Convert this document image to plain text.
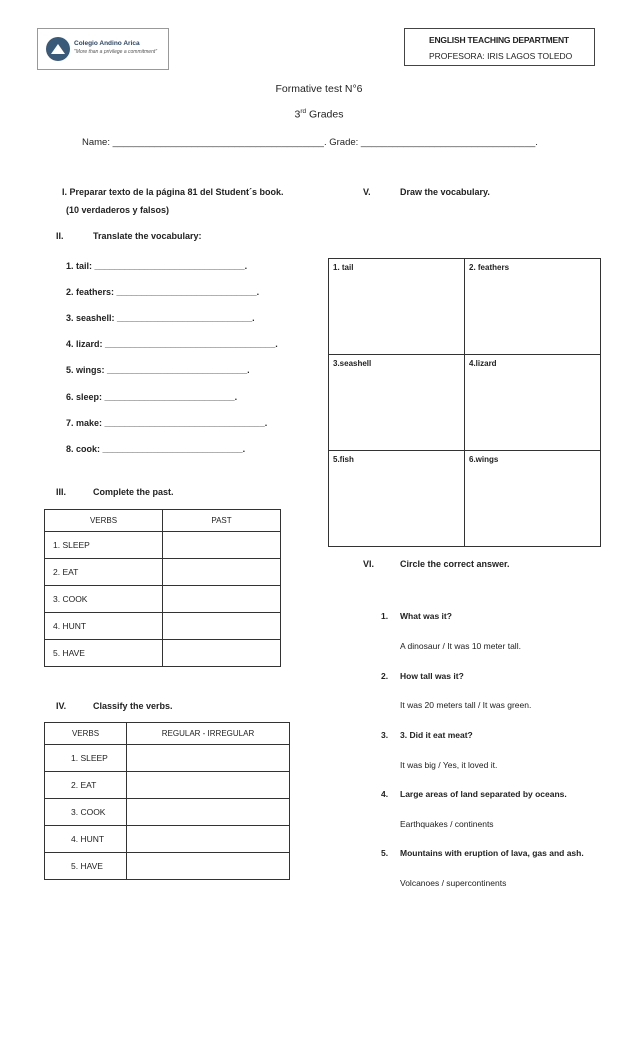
Colegio Andino Arica
"More than a privilege a commitment"
ENGLISH TEACHING DEPARTMENT
PROFESORA: IRIS LAGOS TOLEDO
Formative test N°6
3rd Grades
Name: ________________________________________. Grade: _________________________________.
I. Preparar texto de la página 81 del Student´s book.
(10 verdaderos y falsos)
II.	Translate the vocabulary:
1. tail: ______________________________.
2. feathers: ____________________________.
3. seashell: ___________________________.
4. lizard: __________________________________.
5. wings: ____________________________.
6. sleep: __________________________.
7. make: ________________________________.
8. cook: ____________________________.
III.	Complete the past.
VERBS	PAST
1. SLEEP	
2. EAT	
3. COOK	
4. HUNT	
5. HAVE	
IV.	Classify the verbs.
VERBS	REGULAR - IRREGULAR
1. SLEEP	
2. EAT	
3. COOK	
4. HUNT	
5. HAVE	
V.	Draw the vocabulary.
1. tail	2. feathers
3.seashell	4.lizard
5.fish	6.wings
VI.	Circle the correct answer.
1. What was it?
A dinosaur / It was 10 meter tall.
2. How tall was it?
It was 20 meters tall / It was green.
3. 3. Did it eat meat?
It was big / Yes, it loved it.
4. Large areas of land separated by oceans.
Earthquakes / continents
5. Mountains with eruption of lava, gas and ash.
Volcanoes / supercontinents
